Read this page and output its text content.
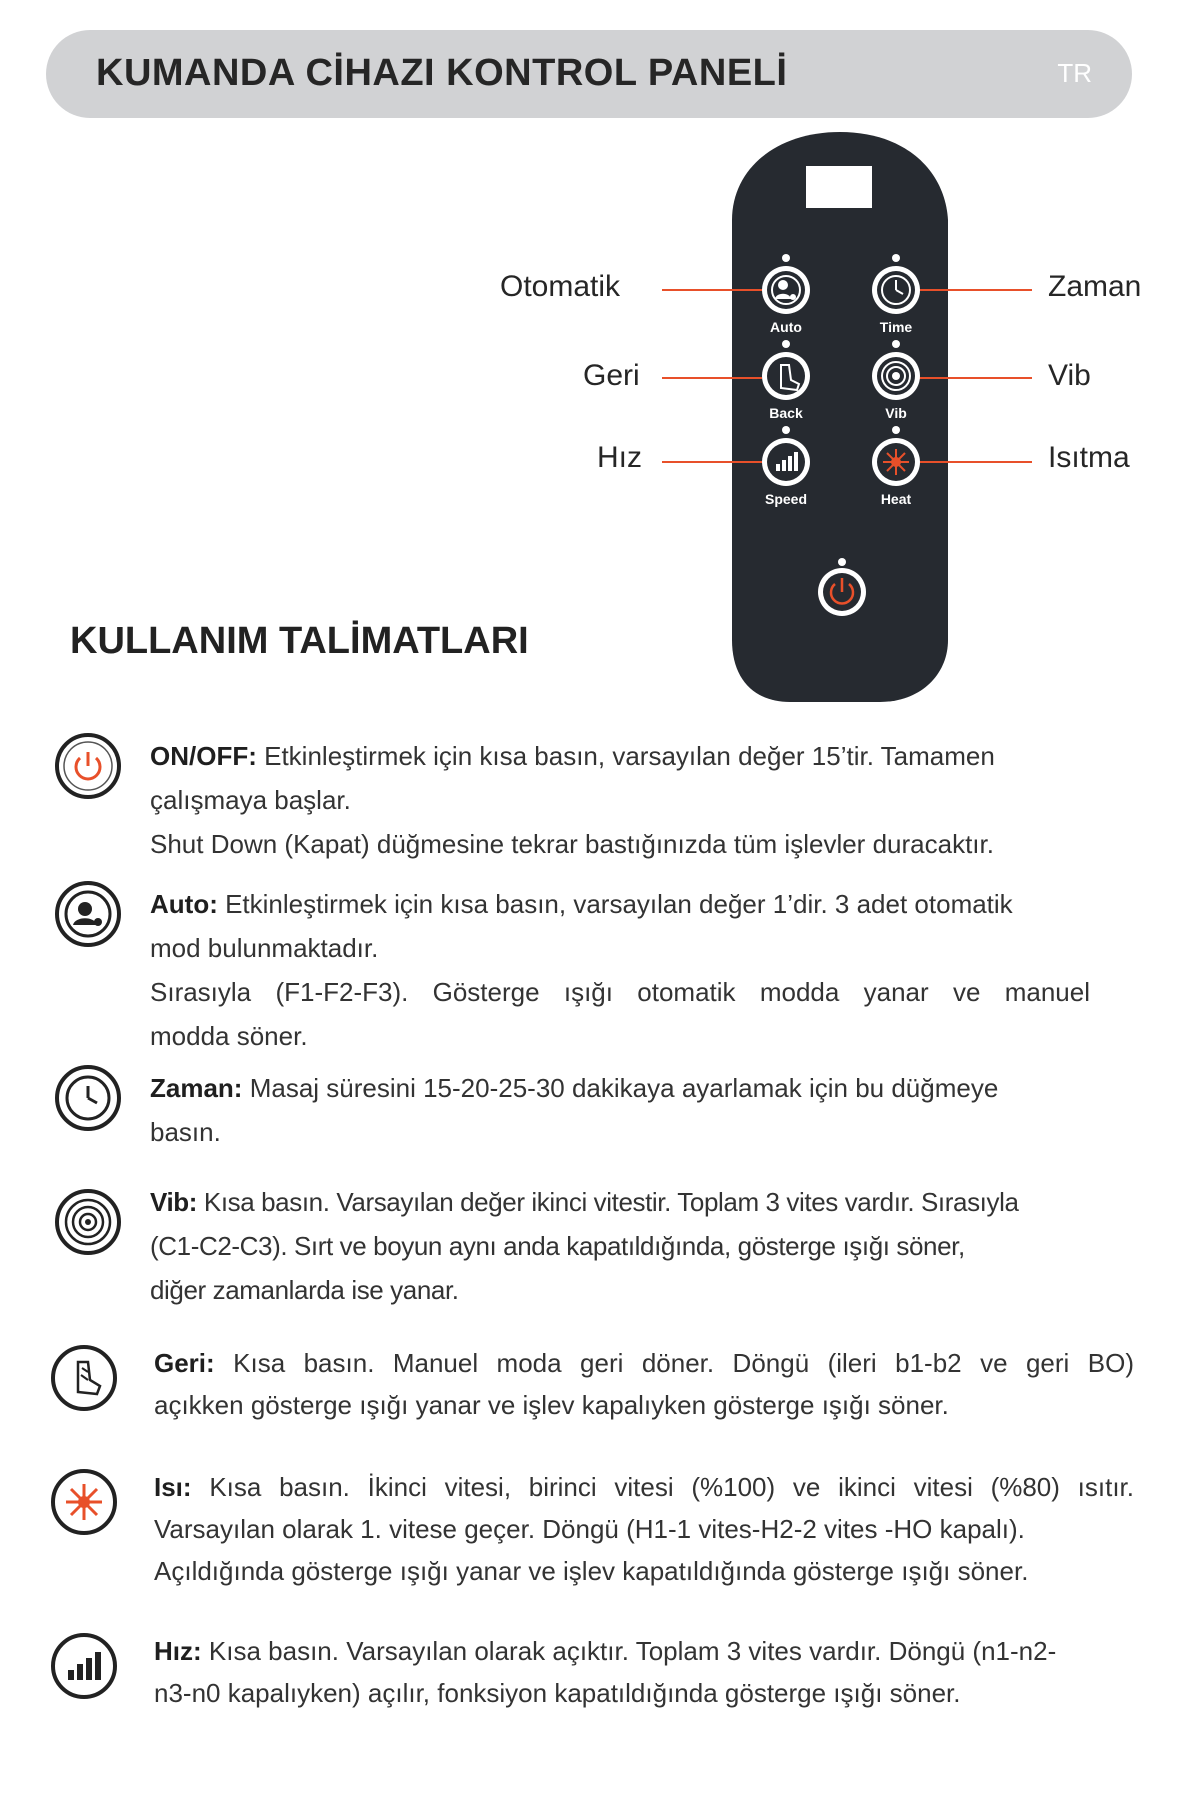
KUMANDA CİHAZI KONTROL PANELİ	TR
Auto	Time
Back	Vib
Speed	Heat
Otomatik	Zaman
Geri	Vib
Hız	Isıtma
KULLANIM TALİMATLARI
ON/OFF: Etkinleştirmek için kısa basın, varsayılan değer 15’tir. Tamamen
çalışmaya başlar.
Shut Down (Kapat) düğmesine tekrar bastığınızda tüm işlevler duracaktır.
Auto: Etkinleştirmek için kısa basın, varsayılan değer 1’dir. 3 adet otomatik
mod bulunmaktadır.
Sırasıyla (F1-F2-F3). Gösterge ışığı otomatik modda yanar ve manuel
modda söner.
Zaman: Masaj süresini 15-20-25-30 dakikaya ayarlamak için bu düğmeye
basın.
Vib: Kısa basın. Varsayılan değer ikinci vitestir. Toplam 3 vites vardır. Sırasıyla
(C1-C2-C3). Sırt ve boyun aynı anda kapatıldığında, gösterge ışığı söner,
diğer zamanlarda ise yanar.
Geri: Kısa basın. Manuel moda geri döner. Döngü (ileri b1-b2 ve geri BO)
açıkken gösterge ışığı yanar ve işlev kapalıyken gösterge ışığı söner.
Isı: Kısa basın. İkinci vitesi, birinci vitesi (%100) ve ikinci vitesi (%80) ısıtır.
Varsayılan olarak 1. vitese geçer. Döngü (H1-1 vites-H2-2 vites -HO kapalı).
Açıldığında gösterge ışığı yanar ve işlev kapatıldığında gösterge ışığı söner.
Hız: Kısa basın. Varsayılan olarak açıktır. Toplam 3 vites vardır. Döngü (n1-n2-
n3-n0 kapalıyken) açılır, fonksiyon kapatıldığında gösterge ışığı söner.
